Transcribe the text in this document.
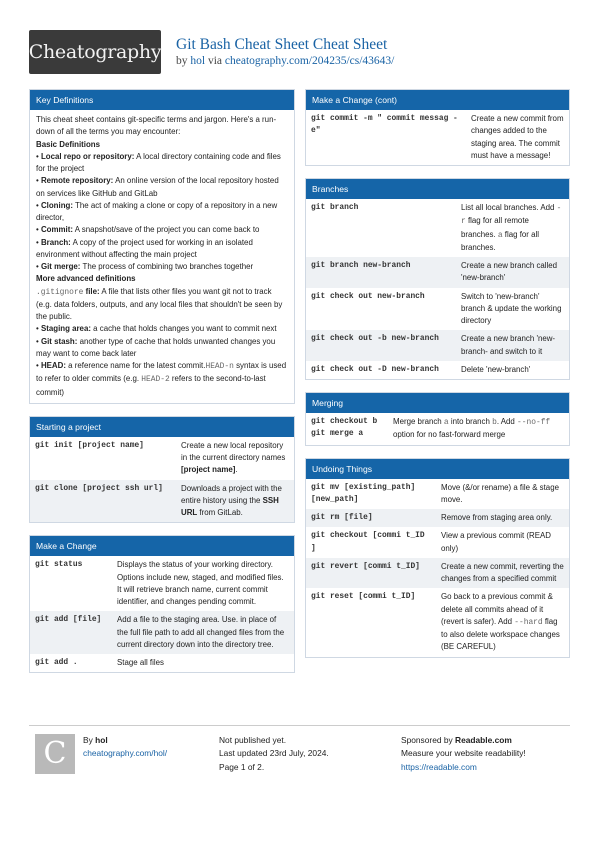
Cheatography Git Bash Cheat Sheet Cheat Sheet
by hol via cheatography.com/204235/cs/43643/
Key Definitions

This cheat sheet contains git-specific terms and jargon. Here's a run-down of all the terms you may encounter:

Basic Definitions

• Local repo or repository: A local directory containing code and files for the project

• Remote repository: An online version of the local repository hosted on services like GitHub and GitLab

• Cloning: The act of making a clone or copy of a repository in a new director,

• Commit: A snapshot/save of the project you can come back to

• Branch: A copy of the project used for working in an isolated environment without affecting the main project

• Git merge: The process of combining two branches together

More advanced definitions

.gitignore file: A file that lists other files you want git not to track (e.g. data folders, outputs, and any local files that shouldn't be seen by the public.

• Staging area: a cache that holds changes you want to commit next

• Git stash: another type of cache that holds unwanted changes you may want to come back later

• HEAD: a reference name for the latest commit.HEAD-n syntax is used to refer to older commits (e.g. HEAD-2 refers to the second-to-last commit)

Starting a project
git init [project name]	Create a new local repository in the current directory names [project name].
git clone [project ssh url]	Downloads a project with the entire history using the SSH URL from GitLab.
Make a Change
git status	Displays the status of your working directory. Options include new, staged, and modified files. It will retrieve branch name, current commit identifier, and changes pending commit.
git add [file]	Add a file to the staging area. Use. in place of the full file path to add all changed files from the current directory down into the directory tree.
git add .	Stage all files
Make a Change (cont)
git commit -m " commit messag - e"	Create a new commit from changes added to the staging area. The commit must have a message!
Branches
git branch	List all local branches. Add -r flag for all remote branches. a flag for all branches.
git branch new-branch	Create a new branch called 'new-branch'
git check out new-branch	Switch to 'new-branch' branch & update the working directory
git check out -b new-branch	Create a new branch 'new-branch- and switch to it
git check out -D new-branch	Delete 'new-branch'
Merging
git checkout b
git merge a	Merge branch a into branch b. Add --no-ff option for no fast-forward merge
Undoing Things
git mv [existing_path] [new_path]	Move (&/or rename) a file & stage move.
git rm [file]	Remove from staging area only.
git checkout [commi t_ID ]	View a previous commit (READ only)
git revert [commi t_ID]	Create a new commit, reverting the changes from a specified commit
git reset [commi t_ID]	Go back to a previous commit & delete all commits ahead of it (revert is safer). Add --hard flag to also delete workspace changes (BE CAREFUL)
C	By hol
cheatography.com/hol/
Not published yet.
Last updated 23rd July, 2024.
Page 1 of 2.
Sponsored by Readable.com
Measure your website readability!
https://readable.com
